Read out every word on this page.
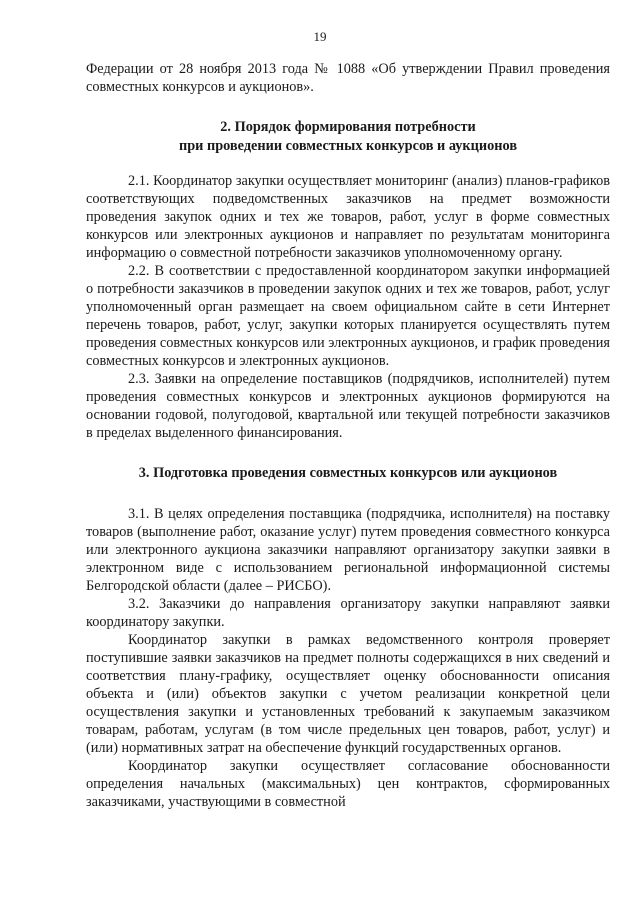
19

Федерации от 28 ноября 2013 года № 1088 «Об утверждении Правил проведения совместных конкурсов и аукционов».

2. Порядок формирования потребности
при проведении совместных конкурсов и аукционов

2.1. Координатор закупки осуществляет мониторинг (анализ) планов-графиков соответствующих подведомственных заказчиков на предмет возможности проведения закупок одних и тех же товаров, работ, услуг в форме совместных конкурсов или электронных аукционов и направляет по результатам мониторинга информацию о совместной потребности заказчиков уполномоченному органу.

2.2. В соответствии с предоставленной координатором закупки информацией о потребности заказчиков в проведении закупок одних и тех же товаров, работ, услуг уполномоченный орган размещает на своем официальном сайте в сети Интернет перечень товаров, работ, услуг, закупки которых планируется осуществлять путем проведения совместных конкурсов или электронных аукционов, и график проведения совместных конкурсов и электронных аукционов.

2.3. Заявки на определение поставщиков (подрядчиков, исполнителей) путем проведения совместных конкурсов и электронных аукционов формируются на основании годовой, полугодовой, квартальной или текущей потребности заказчиков в пределах выделенного финансирования.

3. Подготовка проведения совместных конкурсов или аукционов

3.1. В целях определения поставщика (подрядчика, исполнителя) на поставку товаров (выполнение работ, оказание услуг) путем проведения совместного конкурса или электронного аукциона заказчики направляют организатору закупки заявки в электронном виде с использованием региональной информационной системы Белгородской области (далее – РИСБО).

3.2. Заказчики до направления организатору закупки направляют заявки координатору закупки.

Координатор закупки в рамках ведомственного контроля проверяет поступившие заявки заказчиков на предмет полноты содержащихся в них сведений и соответствия плану-графику, осуществляет оценку обоснованности описания объекта и (или) объектов закупки с учетом реализации конкретной цели осуществления закупки и установленных требований к закупаемым заказчиком товарам, работам, услугам (в том числе предельных цен товаров, работ, услуг) и (или) нормативных затрат на обеспечение функций государственных органов.

Координатор закупки осуществляет согласование обоснованности определения начальных (максимальных) цен контрактов, сформированных заказчиками, участвующими в совместной
